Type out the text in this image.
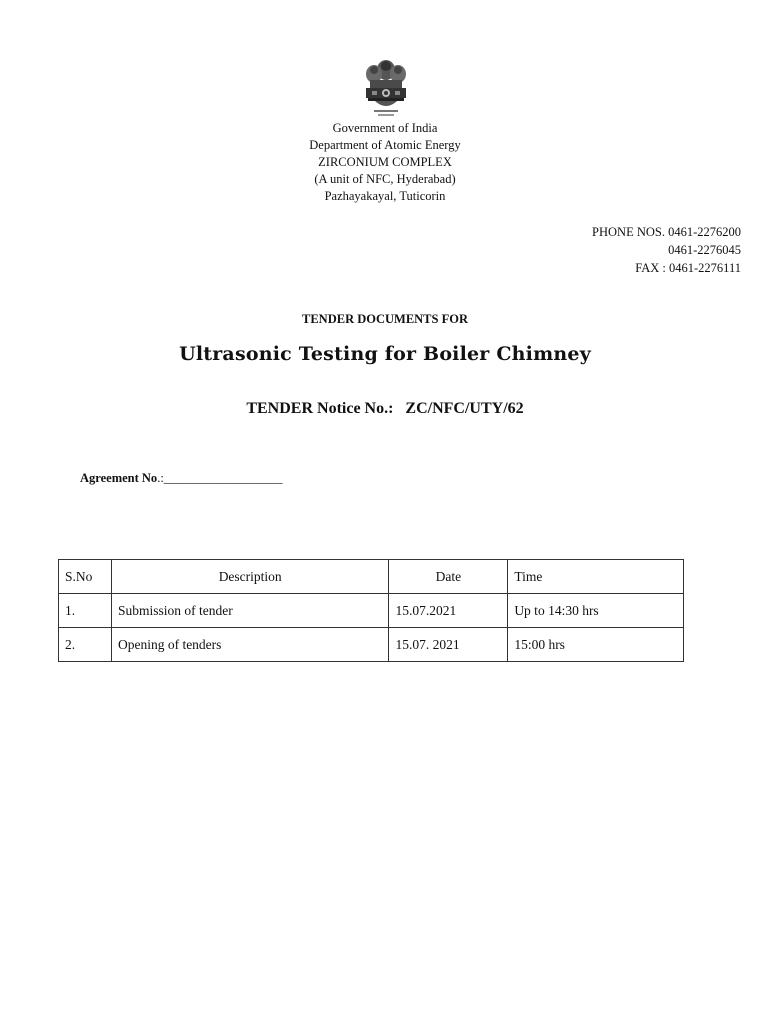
Government of India
Department of Atomic Energy
ZIRCONIUM COMPLEX
(A unit of NFC, Hyderabad)
Pazhayakayal, Tuticorin
PHONE NOS. 0461-2276200
0461-2276045
FAX : 0461-2276111
TENDER DOCUMENTS FOR
Ultrasonic Testing for Boiler Chimney
TENDER Notice No.: ZC/NFC/UTY/62
Agreement No.:___________________
S.No	Description	Date	Time
1.	Submission of tender	15.07.2021	Up to 14:30 hrs
2.	Opening of tenders	15.07. 2021	15:00 hrs
